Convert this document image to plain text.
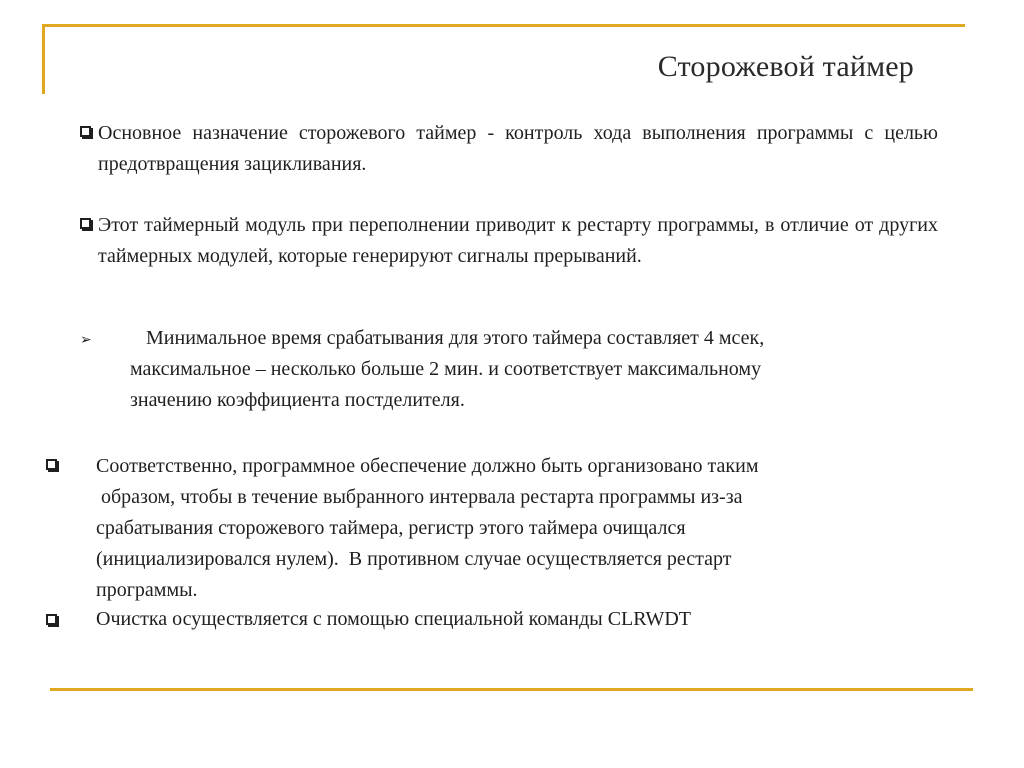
Сторожевой таймер
Основное назначение сторожевого таймер - контроль хода выполнения программы с целью предотвращения зацикливания.
Этот таймерный модуль при переполнении приводит к рестарту программы, в отличие от других таймерных модулей, которые генерируют сигналы прерываний.
➢	Минимальное время срабатывания для этого таймера составляет 4 мсек,
максимальное – несколько больше 2 мин. и соответствует максимальному
значению коэффициента постделителя.
Соответственно, программное обеспечение должно быть организовано таким
образом, чтобы в течение выбранного интервала рестарта программы из-за
срабатывания сторожевого таймера, регистр этого таймера очищался
(инициализировался нулем).  В противном случае осуществляется рестарт
программы.
Очистка осуществляется с помощью специальной команды CLRWDT
